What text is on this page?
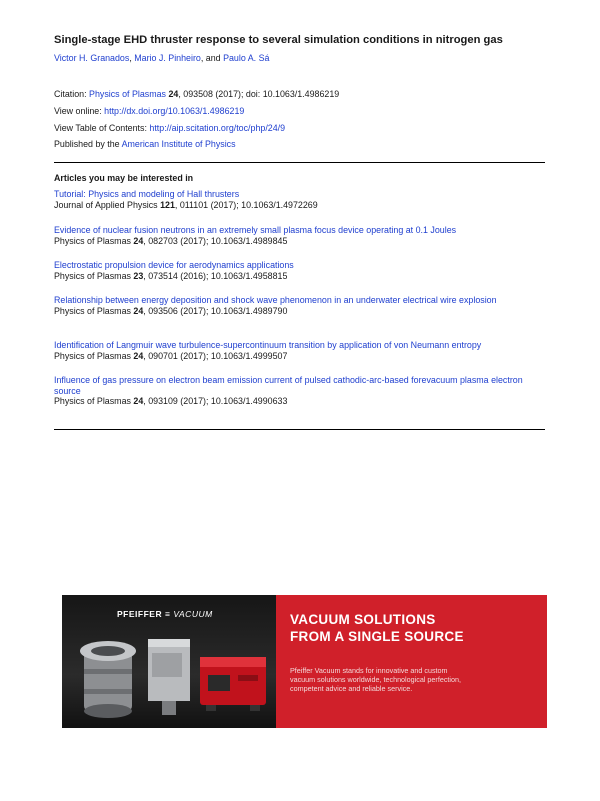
Single-stage EHD thruster response to several simulation conditions in nitrogen gas
Victor H. Granados, Mario J. Pinheiro, and Paulo A. Sá
Citation: Physics of Plasmas 24, 093508 (2017); doi: 10.1063/1.4986219
View online: http://dx.doi.org/10.1063/1.4986219
View Table of Contents: http://aip.scitation.org/toc/php/24/9
Published by the American Institute of Physics
Articles you may be interested in
Tutorial: Physics and modeling of Hall thrusters
Journal of Applied Physics 121, 011101 (2017); 10.1063/1.4972269
Evidence of nuclear fusion neutrons in an extremely small plasma focus device operating at 0.1 Joules
Physics of Plasmas 24, 082703 (2017); 10.1063/1.4989845
Electrostatic propulsion device for aerodynamics applications
Physics of Plasmas 23, 073514 (2016); 10.1063/1.4958815
Relationship between energy deposition and shock wave phenomenon in an underwater electrical wire explosion
Physics of Plasmas 24, 093506 (2017); 10.1063/1.4989790
Identification of Langmuir wave turbulence-supercontinuum transition by application of von Neumann entropy
Physics of Plasmas 24, 090701 (2017); 10.1063/1.4999507
Influence of gas pressure on electron beam emission current of pulsed cathodic-arc-based forevacuum plasma electron source
Physics of Plasmas 24, 093109 (2017); 10.1063/1.4990633
PFEIFFER ≡ VACUUM	VACUUM SOLUTIONS
FROM A SINGLE SOURCE
Pfeiffer Vacuum stands for innovative and custom vacuum solutions worldwide, technological perfection, competent advice and reliable service.
